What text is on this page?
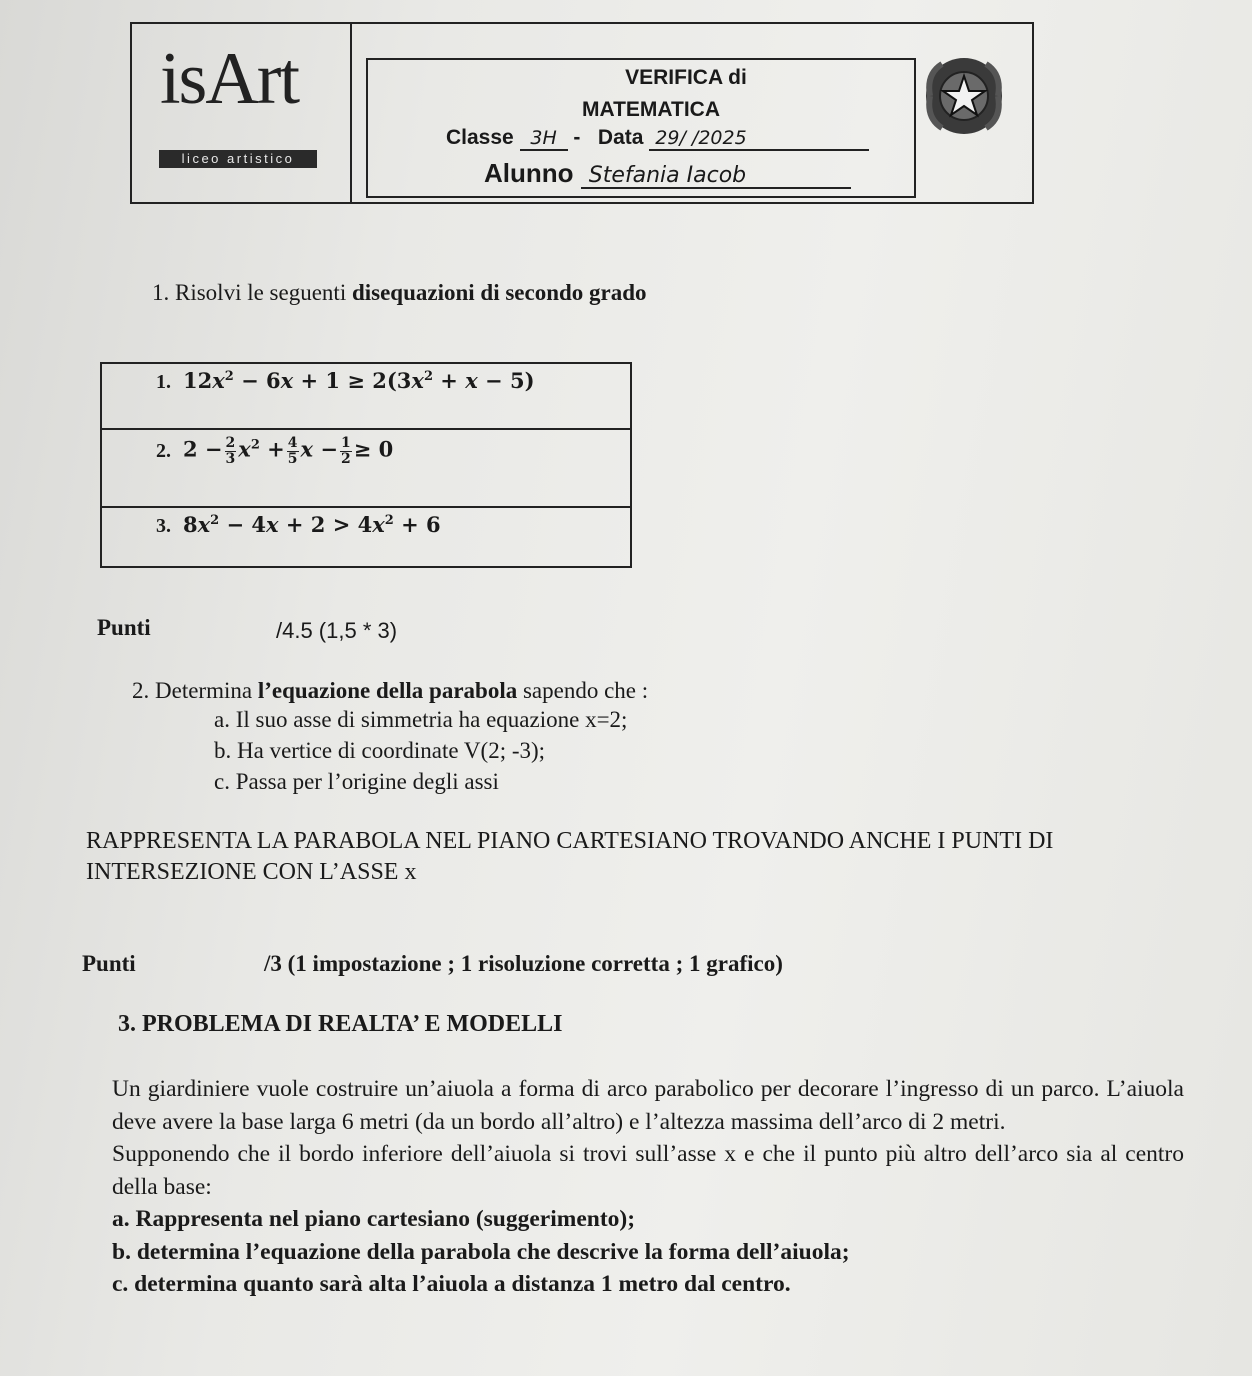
isArt
liceo artistico
VERIFICA di
MATEMATICA
Classe 3H - Data 29/ /2025
Alunno Stefania Iacob
1. Risolvi le seguenti disequazioni di secondo grado
1. $12x^2 - 6x + 1 \ge 2(3x^2 + x - 5)$
2. $2 - \frac{2}{3} x^2 + \frac{4}{5}$ $x - \frac{1}{2} \ge 0$
3. $8x^2 - 4x + 2 > 4x^2 + 6$
Punti	/4.5 (1,5 * 3)
2. Determina l’equazione della parabola sapendo che :
a. Il suo asse di simmetria ha equazione x=2;
b. Ha vertice di coordinate V(2; -3);
c. Passa per l’origine degli assi
RAPPRESENTA LA PARABOLA NEL PIANO CARTESIANO TROVANDO ANCHE I PUNTI DI INTERSEZIONE CON L’ASSE x
Punti	/3 (1 impostazione ; 1 risoluzione corretta ; 1 grafico)
3. PROBLEMA DI REALTA’ E MODELLI

Un giardiniere vuole costruire un’aiuola a forma di arco parabolico per decorare l’ingresso di un parco. L’aiuola deve avere la base larga 6 metri (da un bordo all’altro) e l’altezza massima dell’arco di 2 metri.

Supponendo che il bordo inferiore dell’aiuola si trovi sull’asse x e che il punto più altro dell’arco sia al centro della base:

a. Rappresenta nel piano cartesiano (suggerimento);

b. determina l’equazione della parabola che descrive la forma dell’aiuola;

c. determina quanto sarà alta l’aiuola a distanza 1 metro dal centro.
